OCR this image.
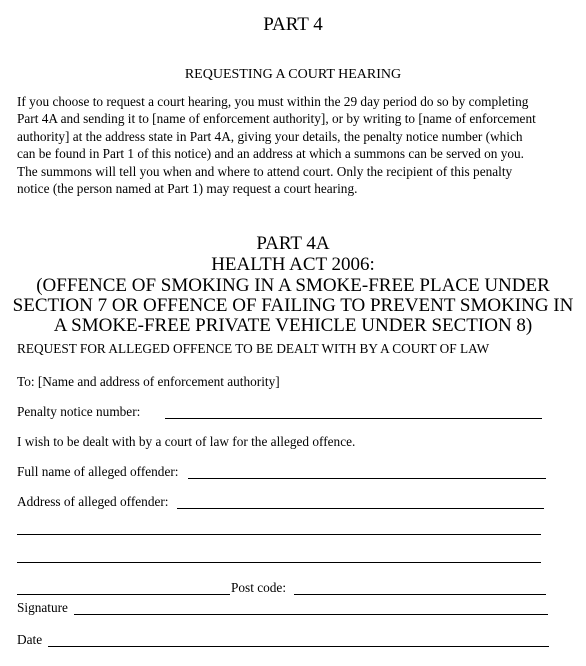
PART 4
REQUESTING A COURT HEARING
If you choose to request a court hearing, you must within the 29 day period do so by completing
Part 4A and sending it to [name of enforcement authority], or by writing to [name of enforcement
authority] at the address state in Part 4A, giving your details, the penalty notice number (which
can be found in Part 1 of this notice) and an address at which a summons can be served on you.
The summons will tell you when and where to attend court. Only the recipient of this penalty
notice (the person named at Part 1) may request a court hearing.
PART 4A
HEALTH ACT 2006:
(OFFENCE OF SMOKING IN A SMOKE-FREE PLACE UNDER
SECTION 7 OR OFFENCE OF FAILING TO PREVENT SMOKING IN
A SMOKE-FREE PRIVATE VEHICLE UNDER SECTION 8)
REQUEST FOR ALLEGED OFFENCE TO BE DEALT WITH BY A COURT OF LAW
To: [Name and address of enforcement authority]
Penalty notice number:
I wish to be dealt with by a court of law for the alleged offence.
Full name of alleged offender:
Address of alleged offender:
Post code:
Signature
Date
